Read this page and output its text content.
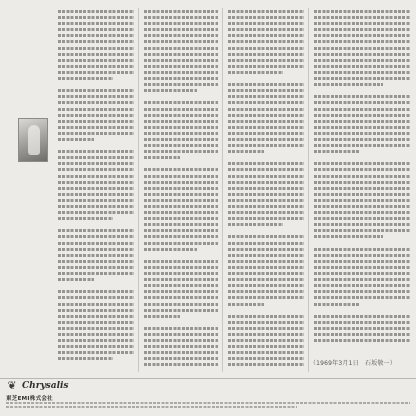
（1969年3月1日　石坂敬一）
❦ Chrysalis
東芝EMI株式会社
